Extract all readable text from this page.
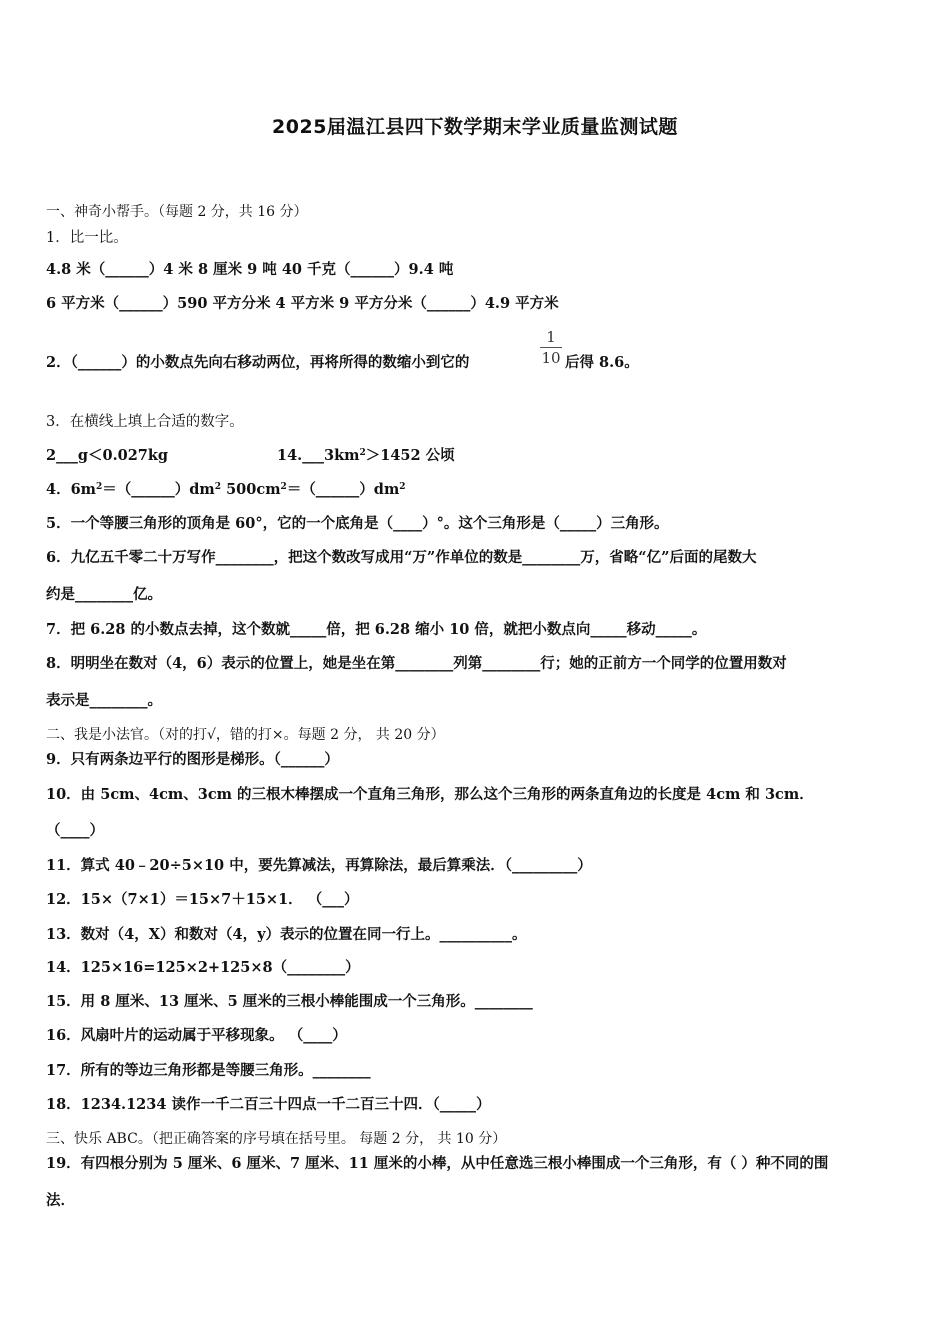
2025届温江县四下数学期末学业质量监测试题
一、神奇小帮手。（每题 2 分，共 16 分）
1．比一比。
4.8 米（______）4 米 8 厘米 9 吨 40 千克（______）9.4 吨
6 平方米（______）590 平方分米 4 平方米 9 平方分米（______）4.9 平方米
2．（______）的小数点先向右移动两位，再将所得的数缩小到它的
1
10 后得 8.6。
3．在横线上填上合适的数字。
2___g＜0.027kg	$14.\_\_\_3km^2>1452$ 公顷
4．$6m^2=(\_\_\_\_\_\_)dm^2$ $500cm^2=(\_\_\_\_\_\_)dm^2$
5．一个等腰三角形的顶角是 60°，它的一个底角是（____）°。这个三角形是（_____）三角形。
6．九亿五千零二十万写作________，把这个数改写成用“万”作单位的数是________万，省略“亿”后面的尾数大
约是________亿。
7．把 6.28 的小数点去掉，这个数就_____倍，把 6.28 缩小 10 倍，就把小数点向_____移动_____。
8．明明坐在数对（4，6）表示的位置上，她是坐在第________列第________行；她的正前方一个同学的位置用数对
表示是________。
二、我是小法官。（对的打√，错的打×。每题 2 分， 共 20 分）
9．只有两条边平行的图形是梯形。（______）
10．由 5cm、4cm、3cm 的三根木棒摆成一个直角三角形，那么这个三角形的两条直角边的长度是 4cm 和 3cm．
（____）
11．算式 40﹣20÷5×10 中，要先算减法，再算除法，最后算乘法．（_________）
12．15×（7×1）＝15×7＋15×1． （___）
13．数对（4，X）和数对（4，y）表示的位置在同一行上。__________。
14．125×16=125×2+125×8（________）
15．用 8 厘米、13 厘米、5 厘米的三根小棒能围成一个三角形。________
16．风扇叶片的运动属于平移现象。 （____）
17．所有的等边三角形都是等腰三角形。________
18．1234.1234 读作一千二百三十四点一千二百三十四．（_____）
三、快乐 ABC。（把正确答案的序号填在括号里。 每题 2 分， 共 10 分）
19．有四根分别为 5 厘米、6 厘米、7 厘米、11 厘米的小棒，从中任意选三根小棒围成一个三角形，有（ ）种不同的围
法．
